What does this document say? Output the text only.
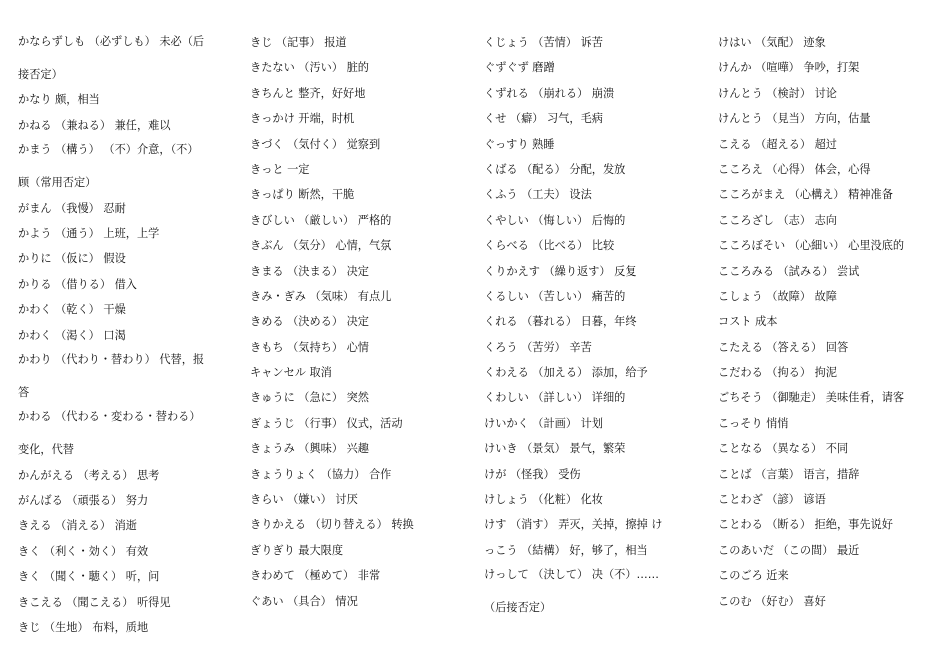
かならずしも （必ずしも） 未必（后
接否定）
かなり 颇，相当
かねる （兼ねる） 兼任，难以
かまう （構う） （不）介意，（不）
顾（常用否定）
がまん （我慢） 忍耐
かよう （通う） 上班，上学
かりに （仮に） 假设
かりる （借りる） 借入
かわく （乾く） 干燥
かわく （渇く） 口渴
かわり （代わり・替わり） 代替，报
答
かわる （代わる・変わる・替わる）
变化，代替
かんがえる （考える） 思考
がんばる （頑張る） 努力
きえる （消える） 消逝
きく （利く・効く） 有效
きく （聞く・聴く） 听，问
きこえる （聞こえる） 听得见
きじ （生地） 布料，质地
きじ （記事） 报道
きたない （汚い） 脏的
きちんと 整齐，好好地
きっかけ 开端，时机
きづく （気付く） 觉察到
きっと 一定
きっぱり 断然，干脆
きびしい （厳しい） 严格的
きぶん （気分） 心情，气氛
きまる （決まる） 决定
きみ・ぎみ （気味） 有点儿
きめる （決める） 决定
きもち （気持ち） 心情
キャンセル 取消
きゅうに （急に） 突然
ぎょうじ （行事） 仪式，活动
きょうみ （興味） 兴趣
きょうりょく （協力） 合作
きらい （嫌い） 讨厌
きりかえる （切り替える） 转换
ぎりぎり 最大限度
きわめて （極めて） 非常
ぐあい （具合） 情况
くじょう （苦情） 诉苦
ぐずぐず 磨蹭
くずれる （崩れる） 崩溃
くせ （癖） 习气，毛病
ぐっすり 熟睡
くばる （配る） 分配，发放
くふう （工夫） 设法
くやしい （悔しい） 后悔的
くらべる （比べる） 比较
くりかえす （繰り返す） 反复
くるしい （苦しい） 痛苦的
くれる （暮れる） 日暮，年终
くろう （苦労） 辛苦
くわえる （加える） 添加，给予
くわしい （詳しい） 详细的
けいかく （計画） 计划
けいき （景気） 景气，繁荣
けが （怪我） 受伤
けしょう （化粧） 化妆
けす （消す） 弄灭，关掉，擦掉 け
っこう （結構） 好，够了，相当
けっして （決して） 决（不）……
（后接否定）
けはい （気配） 迹象
けんか （喧嘩） 争吵，打架
けんとう （検討） 讨论
けんとう （見当） 方向，估量
こえる （超える） 超过
こころえ （心得） 体会，心得
こころがまえ （心構え） 精神准备
こころざし （志） 志向
こころぼそい （心細い） 心里没底的
こころみる （試みる） 尝试
こしょう （故障） 故障
コスト 成本
こたえる （答える） 回答
こだわる （拘る） 拘泥
ごちそう （御馳走） 美味佳肴，请客
こっそり 悄悄
ことなる （異なる） 不同
ことば （言葉） 语言，措辞
ことわざ （諺） 谚语
ことわる （断る） 拒绝，事先说好
このあいだ （この間） 最近
このごろ 近来
このむ （好む） 喜好
